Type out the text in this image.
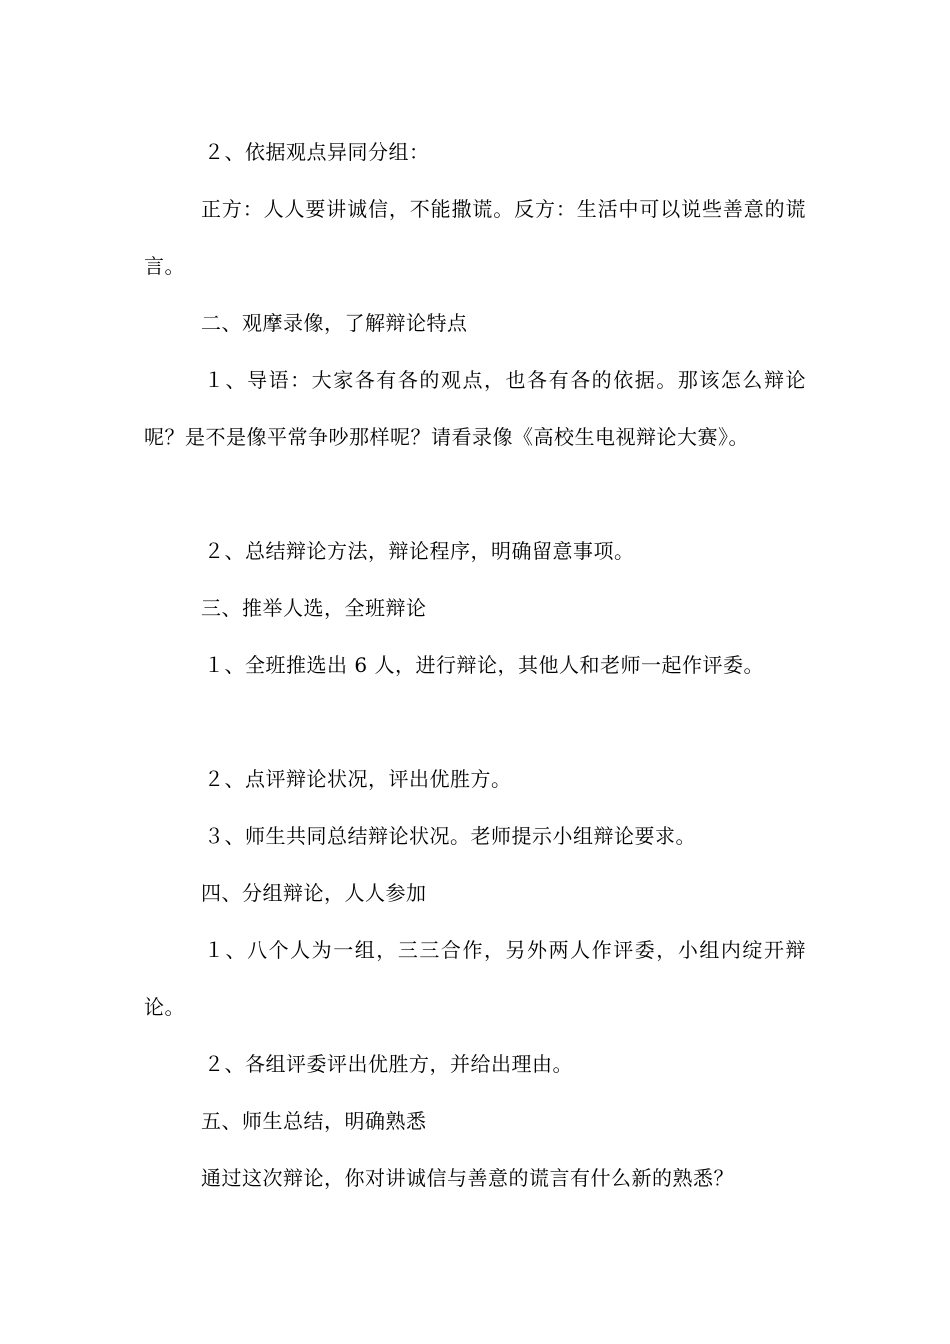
２、依据观点异同分组：

正方：人人要讲诚信，不能撒谎。反方：生活中可以说些善意的谎言。

二、观摩录像，了解辩论特点

１、导语：大家各有各的观点，也各有各的依据。那该怎么辩论呢？是不是像平常争吵那样呢？请看录像《高校生电视辩论大赛》。

２、总结辩论方法，辩论程序，明确留意事项。

三、推举人选，全班辩论

１、全班推选出 6 人，进行辩论，其他人和老师一起作评委。

２、点评辩论状况，评出优胜方。

３、师生共同总结辩论状况。老师提示小组辩论要求。

四、分组辩论，人人参加

１、八个人为一组，三三合作，另外两人作评委，小组内绽开辩论。

２、各组评委评出优胜方，并给出理由。

五、师生总结，明确熟悉

通过这次辩论，你对讲诚信与善意的谎言有什么新的熟悉？
